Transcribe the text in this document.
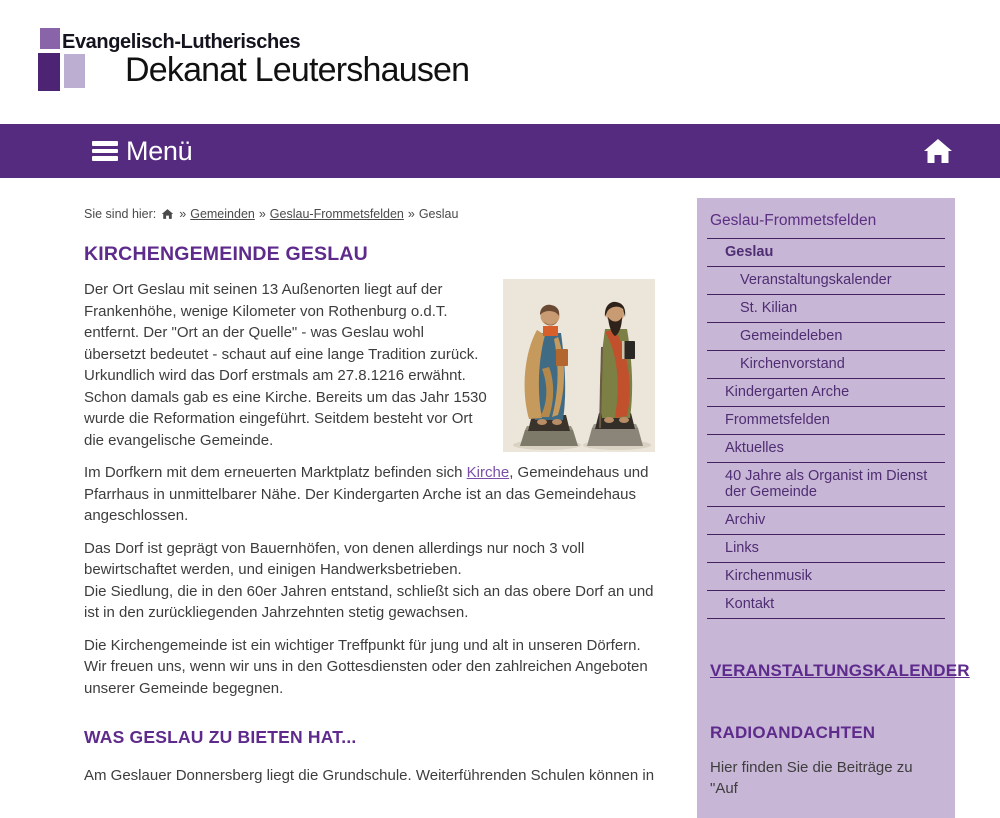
Evangelisch-Lutherisches
Dekanat Leutershausen
Menü
Sie sind hier: » Gemeinden » Geslau-Frommetsfelden » Geslau
KIRCHENGEMEINDE GESLAU

Der Ort Geslau mit seinen 13 Außenorten liegt auf der Frankenhöhe, wenige Kilometer von Rothenburg o.d.T. entfernt. Der "Ort an der Quelle" - was Geslau wohl übersetzt bedeutet - schaut auf eine lange Tradition zurück. Urkundlich wird das Dorf erstmals am 27.8.1216 erwähnt. Schon damals gab es eine Kirche. Bereits um das Jahr 1530 wurde die Reformation eingeführt. Seitdem besteht vor Ort die evangelische Gemeinde.

Im Dorfkern mit dem erneuerten Marktplatz befinden sich Kirche, Gemeindehaus und Pfarrhaus in unmittelbarer Nähe. Der Kindergarten Arche ist an das Gemeindehaus angeschlossen.

Das Dorf ist geprägt von Bauernhöfen, von denen allerdings nur noch 3 voll bewirtschaftet werden, und einigen Handwerksbetrieben.
Die Siedlung, die in den 60er Jahren entstand, schließt sich an das obere Dorf an und ist in den zurückliegenden Jahrzehnten stetig gewachsen.

Die Kirchengemeinde ist ein wichtiger Treffpunkt für jung und alt in unseren Dörfern. Wir freuen uns, wenn wir uns in den Gottesdiensten oder den zahlreichen Angeboten unserer Gemeinde begegnen.

WAS GESLAU ZU BIETEN HAT...

Am Geslauer Donnersberg liegt die Grundschule. Weiterführenden Schulen können in

Geslau-Frommetsfelden
Geslau
Veranstaltungskalender
St. Kilian
Gemeindeleben
Kirchenvorstand
Kindergarten Arche
Frommetsfelden
Aktuelles
40 Jahre als Organist im Dienst der Gemeinde
Archiv
Links
Kirchenmusik
Kontakt
VERANSTALTUNGSKALENDER
RADIOANDACHTEN
Hier finden Sie die Beiträge zu "Auf
